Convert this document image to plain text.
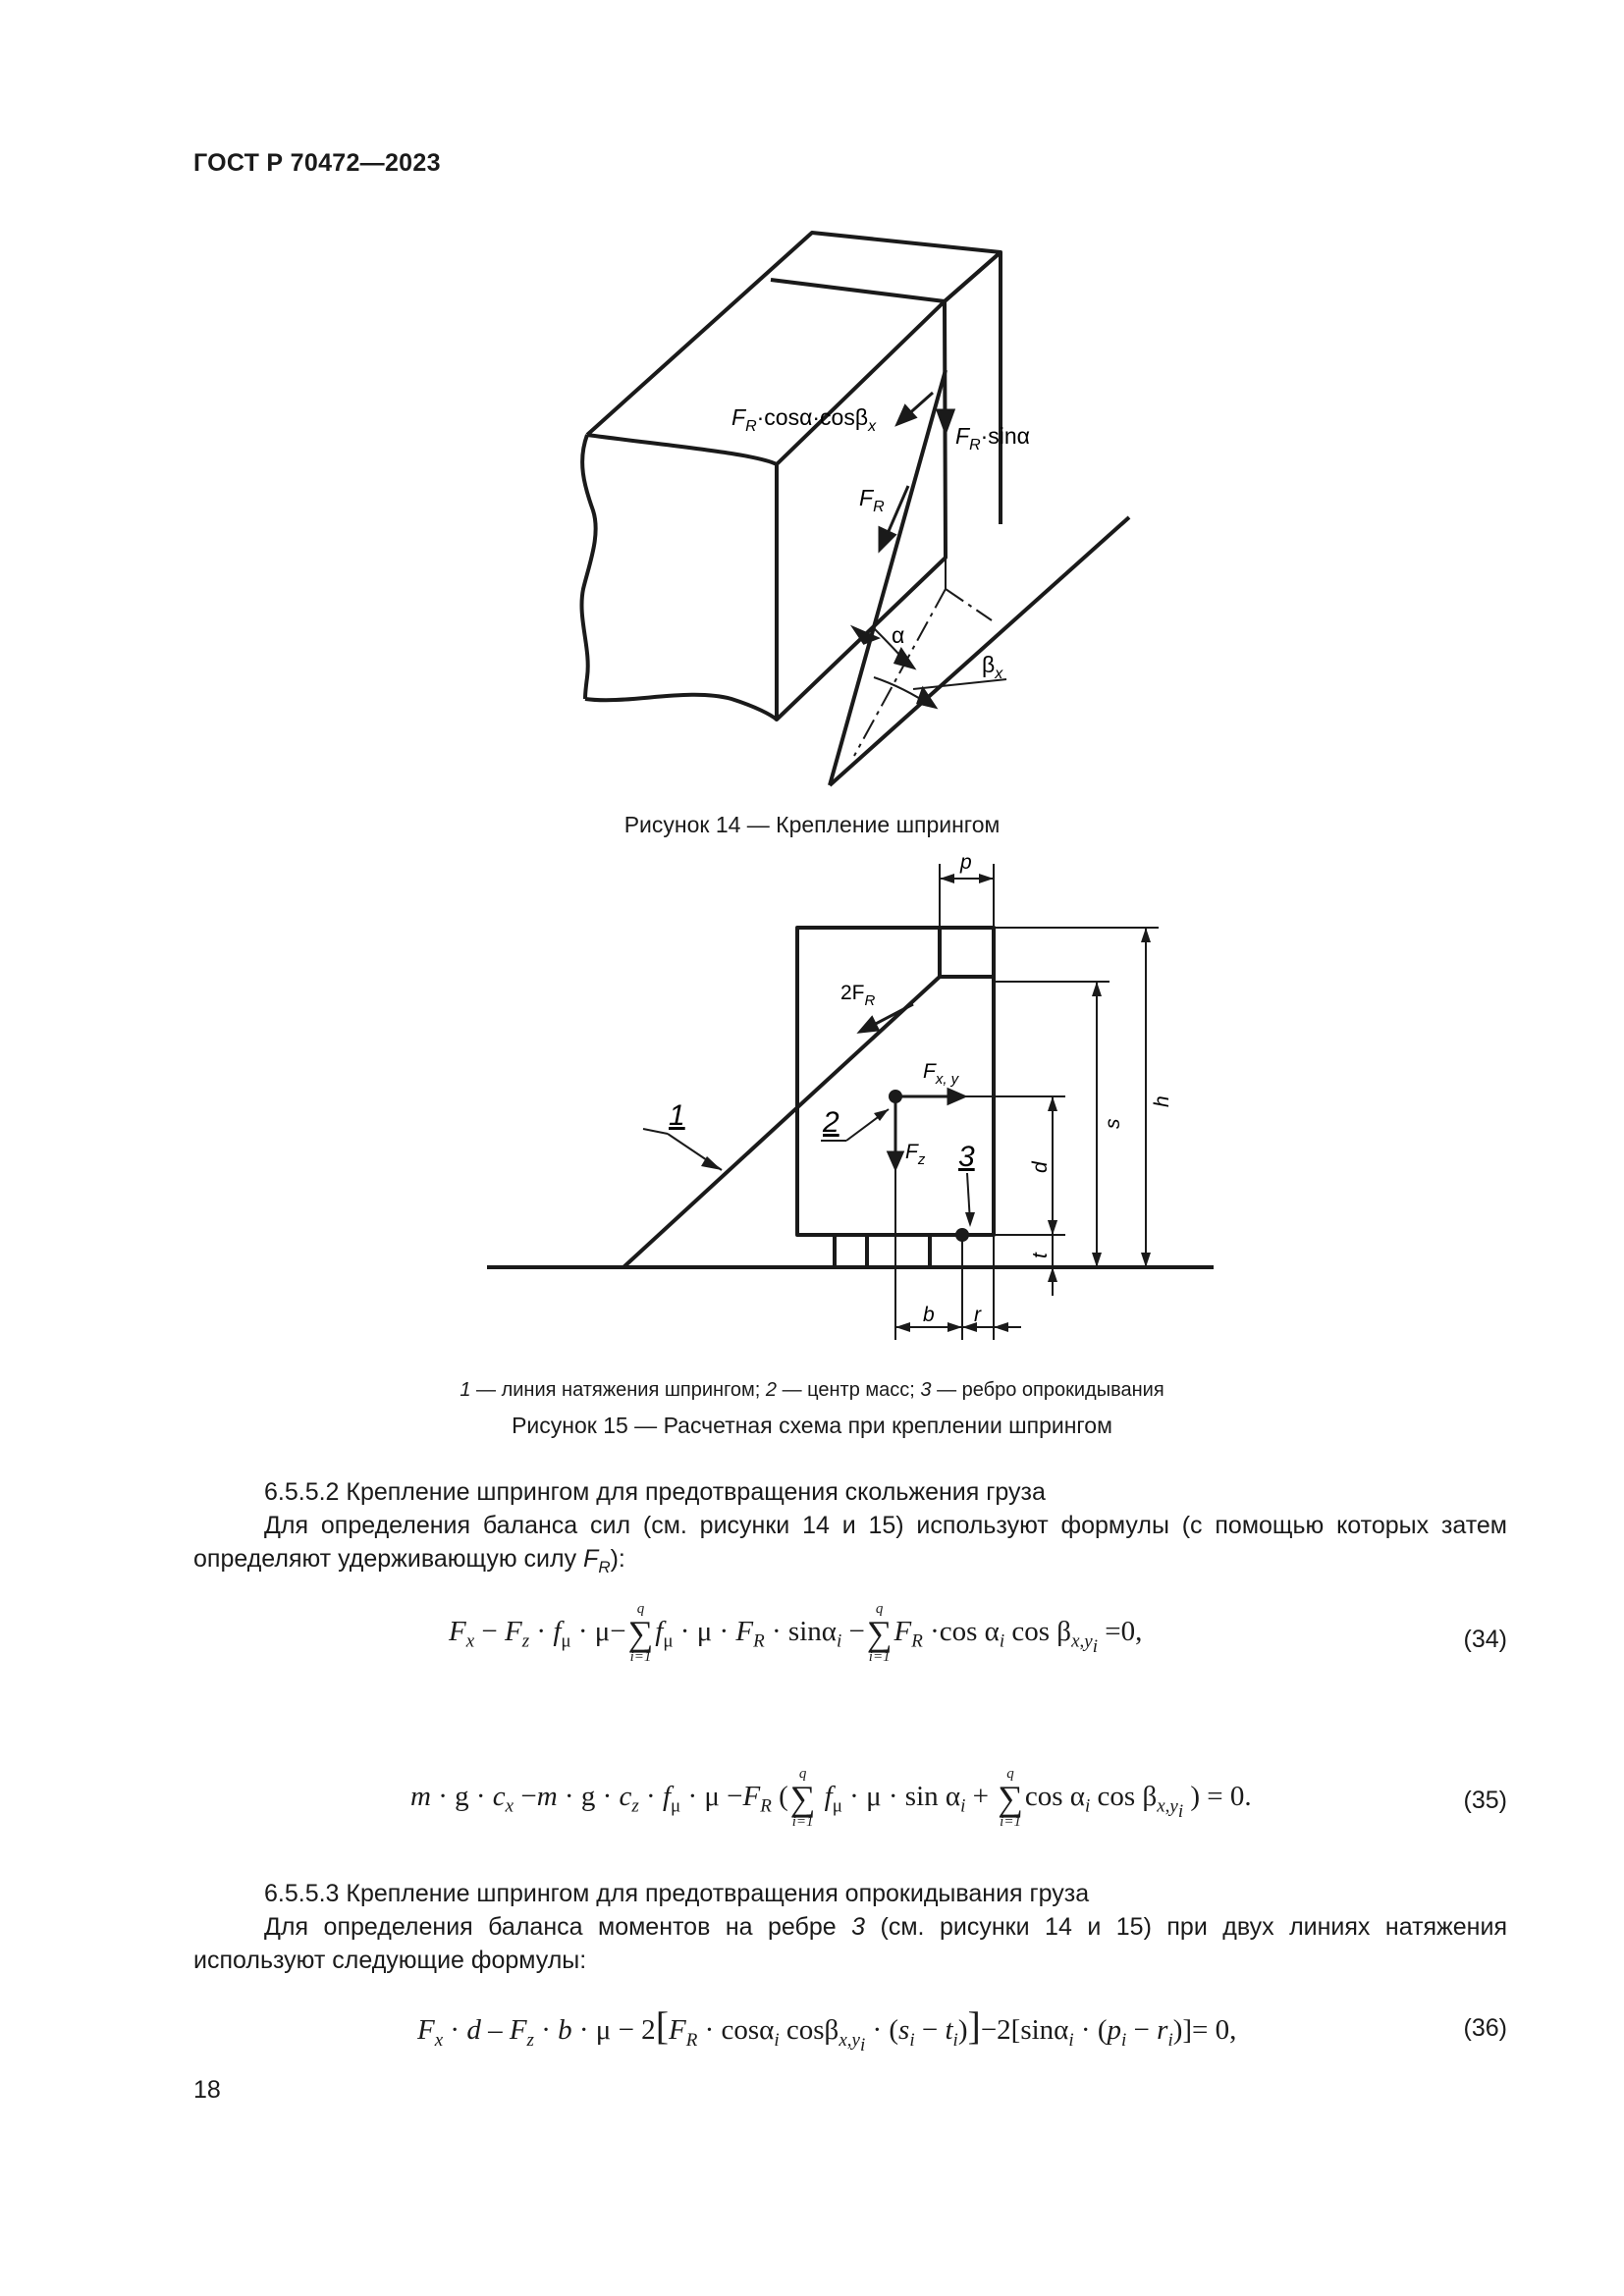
ГОСТ Р 70472—2023
$F_R\cdot\cos\alpha\cdot\cos\beta_x$	$F_R\cdot\sin\alpha$
$F_R$
α
$\beta_x$
Рисунок 14 — Крепление шпрингом
p
h
s
d
t
b r
$2F_R$
$F_{x, y}$
$F_z$
1	2
3
1 — линия натяжения шпрингом; 2 — центр масс; 3 — ребро опрокидывания
Рисунок 15 — Расчетная схема при креплении шпрингом
6.5.5.2 Крепление шпрингом для предотвращения скольжения груза
Для определения баланса сил (см. рисунки 14 и 15) используют формулы (с помощью которых затем определяют удерживающую силу $F_R$):
$F_x - F_z \cdot f_\mu \cdot \mu-$
q
∑
i=1
$f_\mu \cdot \mu \cdot F_R \cdot \sin\alpha_i$ −
q
∑
i=1
$F_R \cdot\cos$ $\alpha_i$ $\cos \beta_{x,y_i} =0$,	(34)
$m \cdot g \cdot c_x -m \cdot g \cdot c_z \cdot f_\mu \cdot \mu -F_R$ (
q
∑
i=1
$f_\mu \cdot \mu \cdot \sin \alpha_i$ +
q
∑
i=1
$\cos \alpha_i$ $\cos \beta_{x,y_i}$ ) = 0.	(35)
6.5.5.3 Крепление шпрингом для предотвращения опрокидывания груза
Для определения баланса моментов на ребре 3 (см. рисунки 14 и 15) при двух линиях натяжения используют следующие формулы:
$F_x \cdot d - F_z \cdot b \cdot \mu - 2[F_R \cdot \cos\alpha_i$ $\cos\beta_{x,y_i} \cdot (s_i - t_i)]-2[\sin\alpha_i \cdot (p_i - r_i)]= 0$,	(36)
18
